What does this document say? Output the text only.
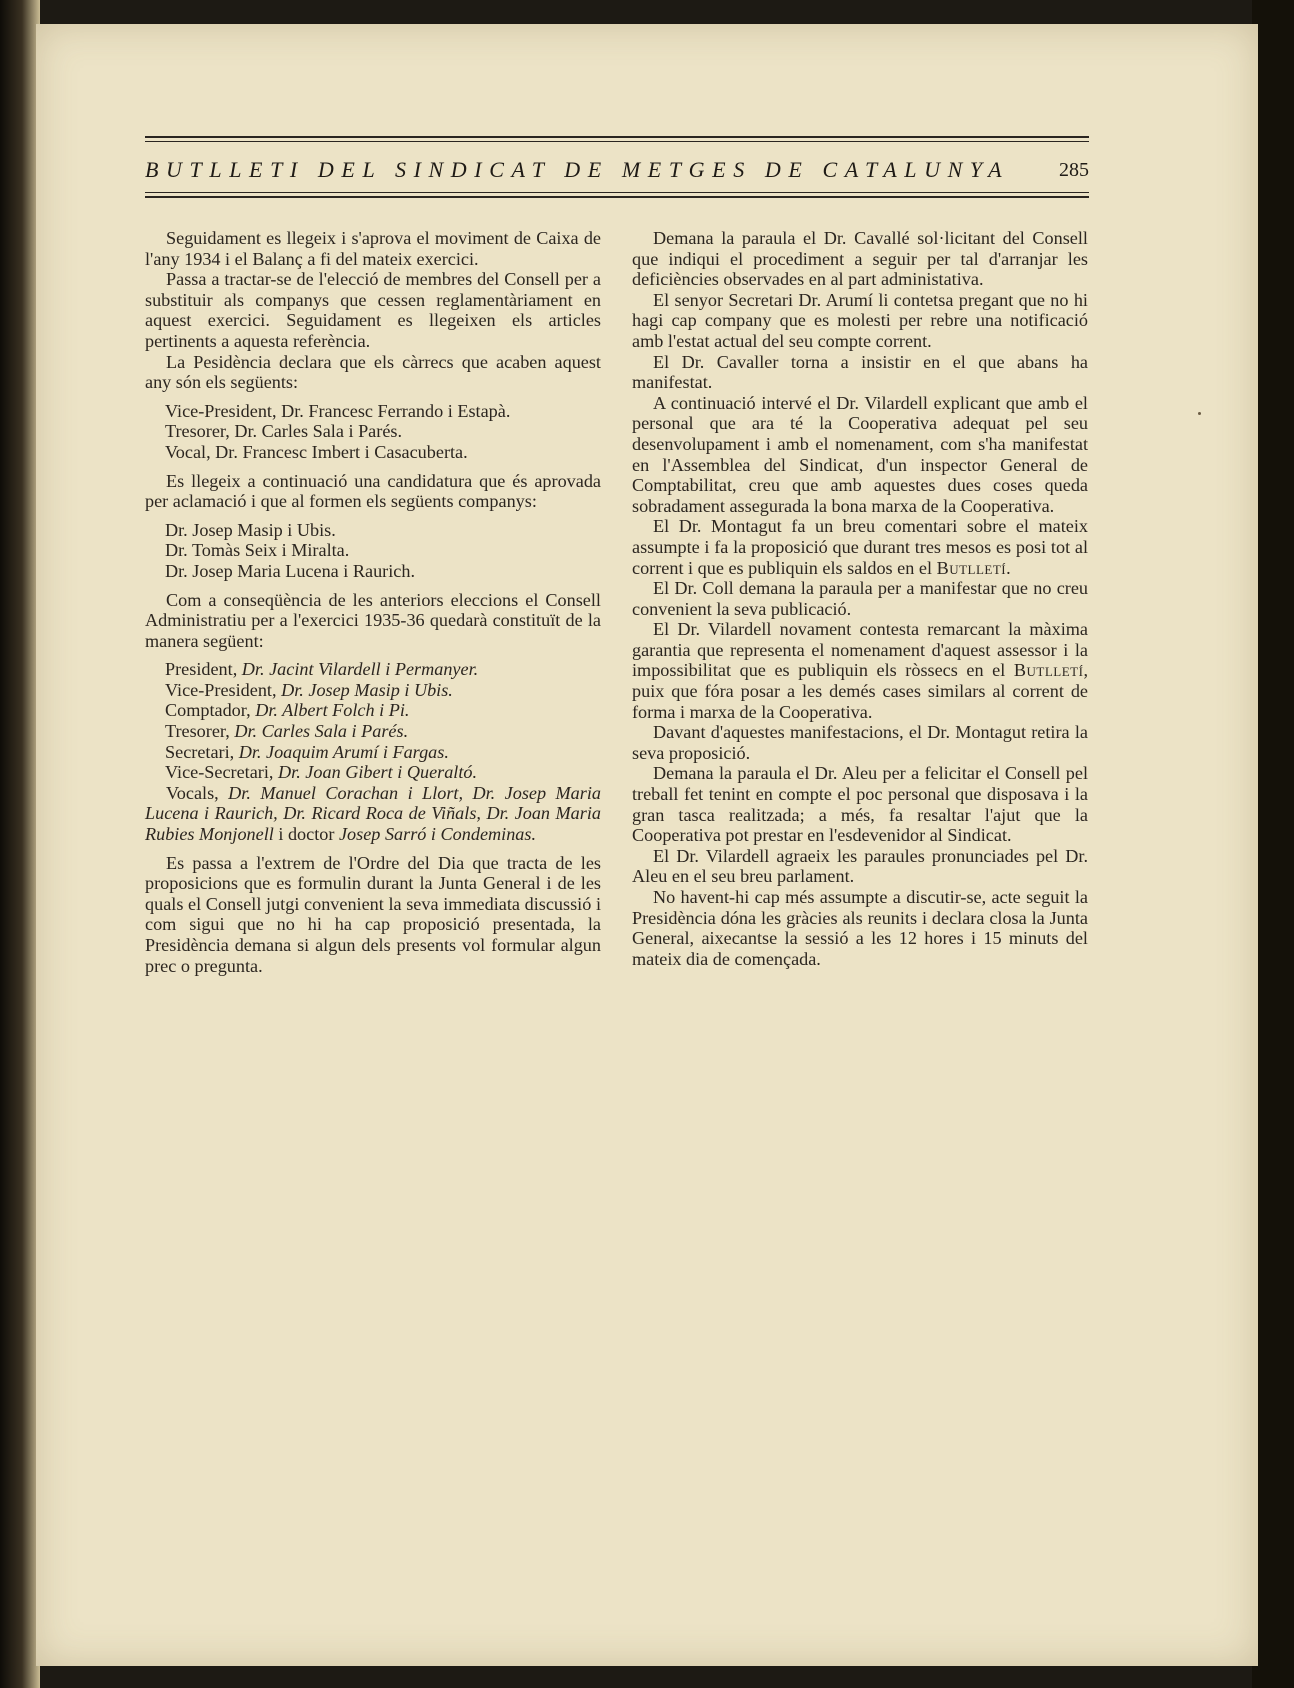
BUTLLETI DEL SINDICAT DE METGES DE CATALUNYA 285

Seguidament es llegeix i s'aprova el moviment de Caixa de l'any 1934 i el Balanç a fi del mateix exercici.

Passa a tractar-se de l'elecció de membres del Consell per a substituir als companys que cessen reglamentàriament en aquest exercici. Seguidament es llegeixen els articles pertinents a aquesta referència.

La Pesidència declara que els càrrecs que acaben aquest any són els següents:

Vice-President, Dr. Francesc Ferrando i Estapà.

Tresorer, Dr. Carles Sala i Parés.

Vocal, Dr. Francesc Imbert i Casacuberta.

Es llegeix a continuació una candidatura que és aprovada per aclamació i que al formen els següents companys:

Dr. Josep Masip i Ubis.

Dr. Tomàs Seix i Miralta.

Dr. Josep Maria Lucena i Raurich.

Com a conseqüència de les anteriors eleccions el Consell Administratiu per a l'exercici 1935-36 quedarà constituït de la manera següent:

President, Dr. Jacint Vilardell i Permanyer.

Vice-President, Dr. Josep Masip i Ubis.

Comptador, Dr. Albert Folch i Pi.

Tresorer, Dr. Carles Sala i Parés.

Secretari, Dr. Joaquim Arumí i Fargas.

Vice-Secretari, Dr. Joan Gibert i Queraltó.

Vocals, Dr. Manuel Corachan i Llort, Dr. Josep Maria Lucena i Raurich, Dr. Ricard Roca de Viñals, Dr. Joan Maria Rubies Monjonell i doctor Josep Sarró i Condeminas.

Es passa a l'extrem de l'Ordre del Dia que tracta de les proposicions que es formulin durant la Junta General i de les quals el Consell jutgi convenient la seva immediata discussió i com sigui que no hi ha cap proposició presentada, la Presidència demana si algun dels presents vol formular algun prec o pregunta.

Demana la paraula el Dr. Cavallé sol·licitant del Consell que indiqui el procediment a seguir per tal d'arranjar les deficiències observades en al part administativa.

El senyor Secretari Dr. Arumí li contetsa pregant que no hi hagi cap company que es molesti per rebre una notificació amb l'estat actual del seu compte corrent.

El Dr. Cavaller torna a insistir en el que abans ha manifestat.

A continuació intervé el Dr. Vilardell explicant que amb el personal que ara té la Cooperativa adequat pel seu desenvolupament i amb el nomenament, com s'ha manifestat en l'Assemblea del Sindicat, d'un inspector General de Comptabilitat, creu que amb aquestes dues coses queda sobradament assegurada la bona marxa de la Cooperativa.

El Dr. Montagut fa un breu comentari sobre el mateix assumpte i fa la proposició que durant tres mesos es posi tot al corrent i que es publiquin els saldos en el Butlletí.

El Dr. Coll demana la paraula per a manifestar que no creu convenient la seva publicació.

El Dr. Vilardell novament contesta remarcant la màxima garantia que representa el nomenament d'aquest assessor i la impossibilitat que es publiquin els ròssecs en el Butlletí, puix que fóra posar a les demés cases similars al corrent de forma i marxa de la Cooperativa.

Davant d'aquestes manifestacions, el Dr. Montagut retira la seva proposició.

Demana la paraula el Dr. Aleu per a felicitar el Consell pel treball fet tenint en compte el poc personal que disposava i la gran tasca realitzada; a més, fa resaltar l'ajut que la Cooperativa pot prestar en l'esdevenidor al Sindicat.

El Dr. Vilardell agraeix les paraules pronunciades pel Dr. Aleu en el seu breu parlament.

No havent-hi cap més assumpte a discutir-se, acte seguit la Presidència dóna les gràcies als reunits i declara closa la Junta General, aixecantse la sessió a les 12 hores i 15 minuts del mateix dia de començada.
